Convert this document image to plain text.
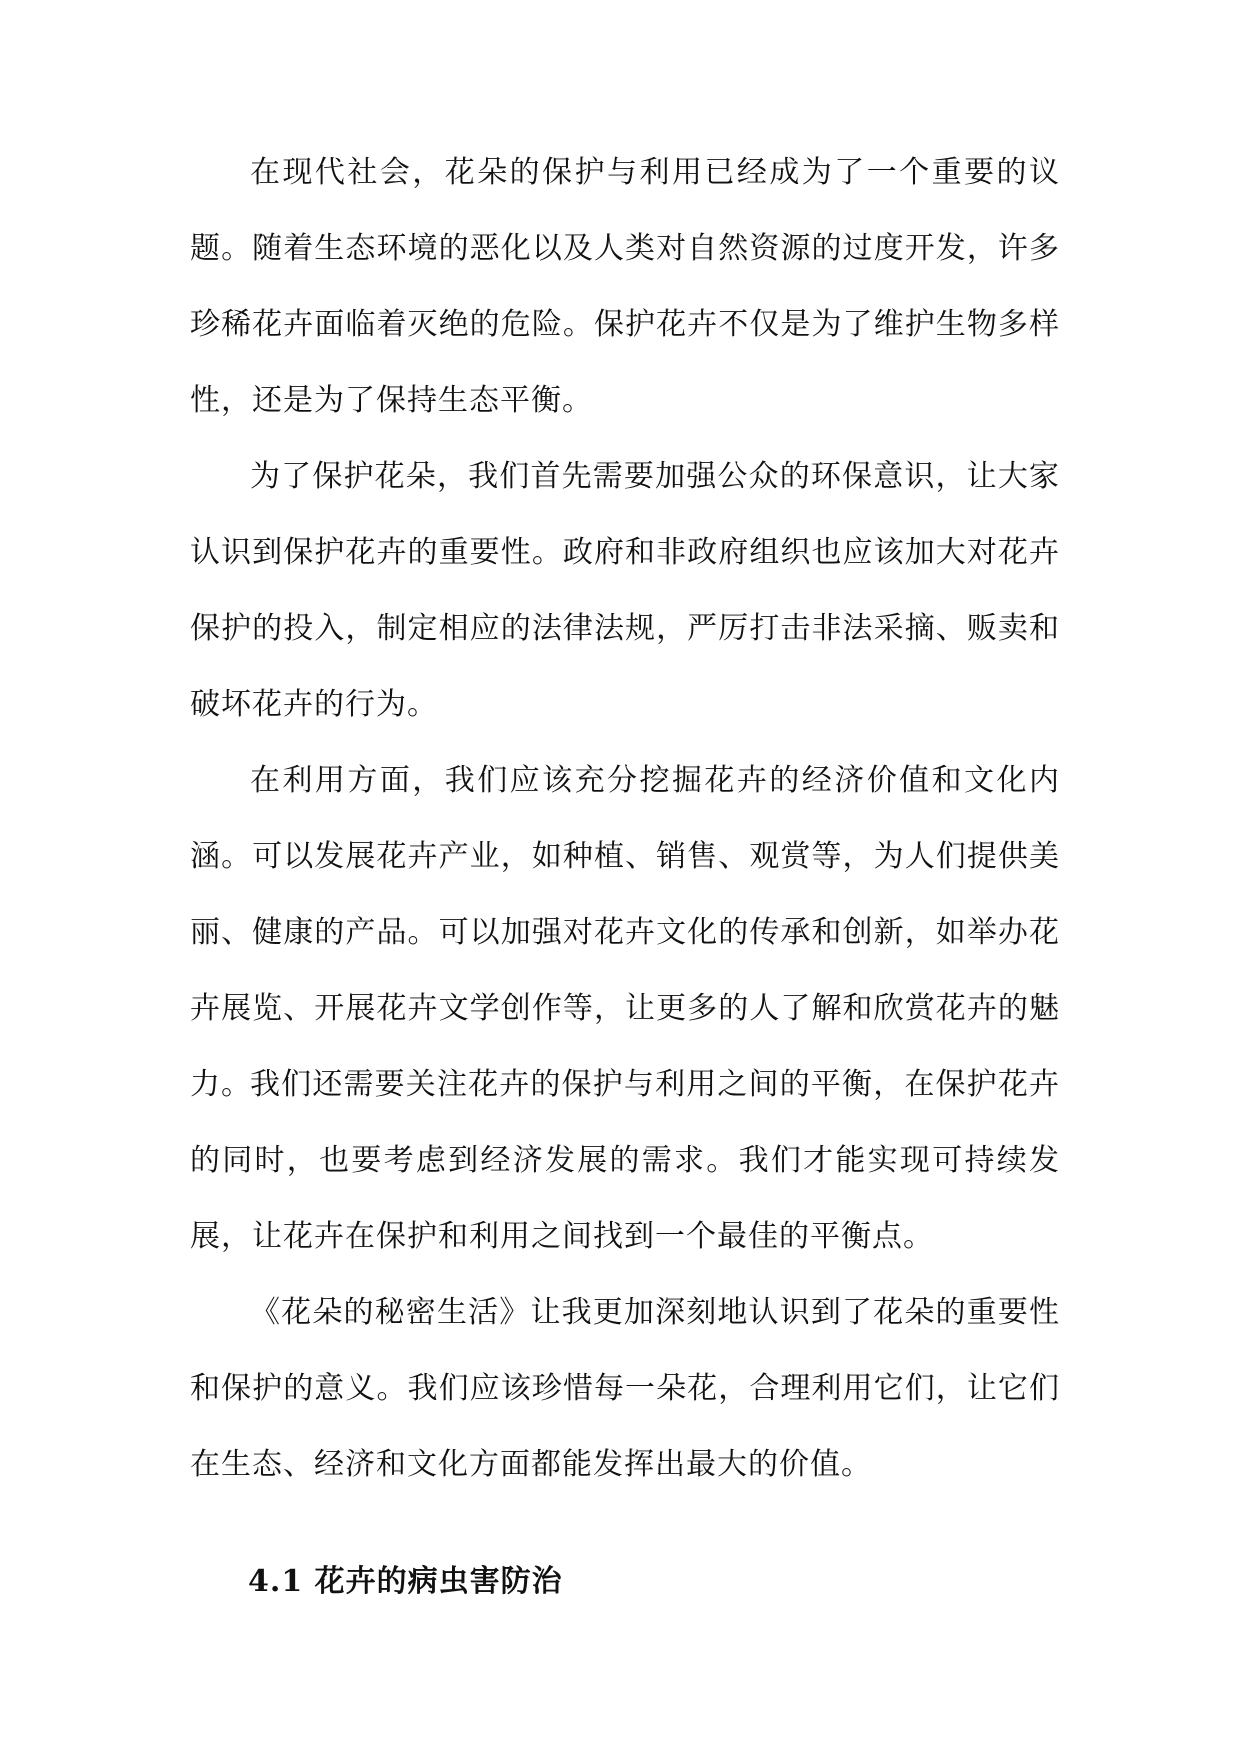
在现代社会，花朵的保护与利用已经成为了一个重要的议题。随着生态环境的恶化以及人类对自然资源的过度开发，许多珍稀花卉面临着灭绝的危险。保护花卉不仅是为了维护生物多样性，还是为了保持生态平衡。

为了保护花朵，我们首先需要加强公众的环保意识，让大家认识到保护花卉的重要性。政府和非政府组织也应该加大对花卉保护的投入，制定相应的法律法规，严厉打击非法采摘、贩卖和破坏花卉的行为。

在利用方面，我们应该充分挖掘花卉的经济价值和文化内涵。可以发展花卉产业，如种植、销售、观赏等，为人们提供美丽、健康的产品。可以加强对花卉文化的传承和创新，如举办花卉展览、开展花卉文学创作等，让更多的人了解和欣赏花卉的魅力。

我们还需要关注花卉的保护与利用之间的平衡，在保护花卉的同时，也要考虑到经济发展的需求。我们才能实现可持续发展，让花卉在保护和利用之间找到一个最佳的平衡点。

《花朵的秘密生活》让我更加深刻地认识到了花朵的重要性和保护的意义。我们应该珍惜每一朵花，合理利用它们，让它们在生态、经济和文化方面都能发挥出最大的价值。

4.1 花卉的病虫害防治
